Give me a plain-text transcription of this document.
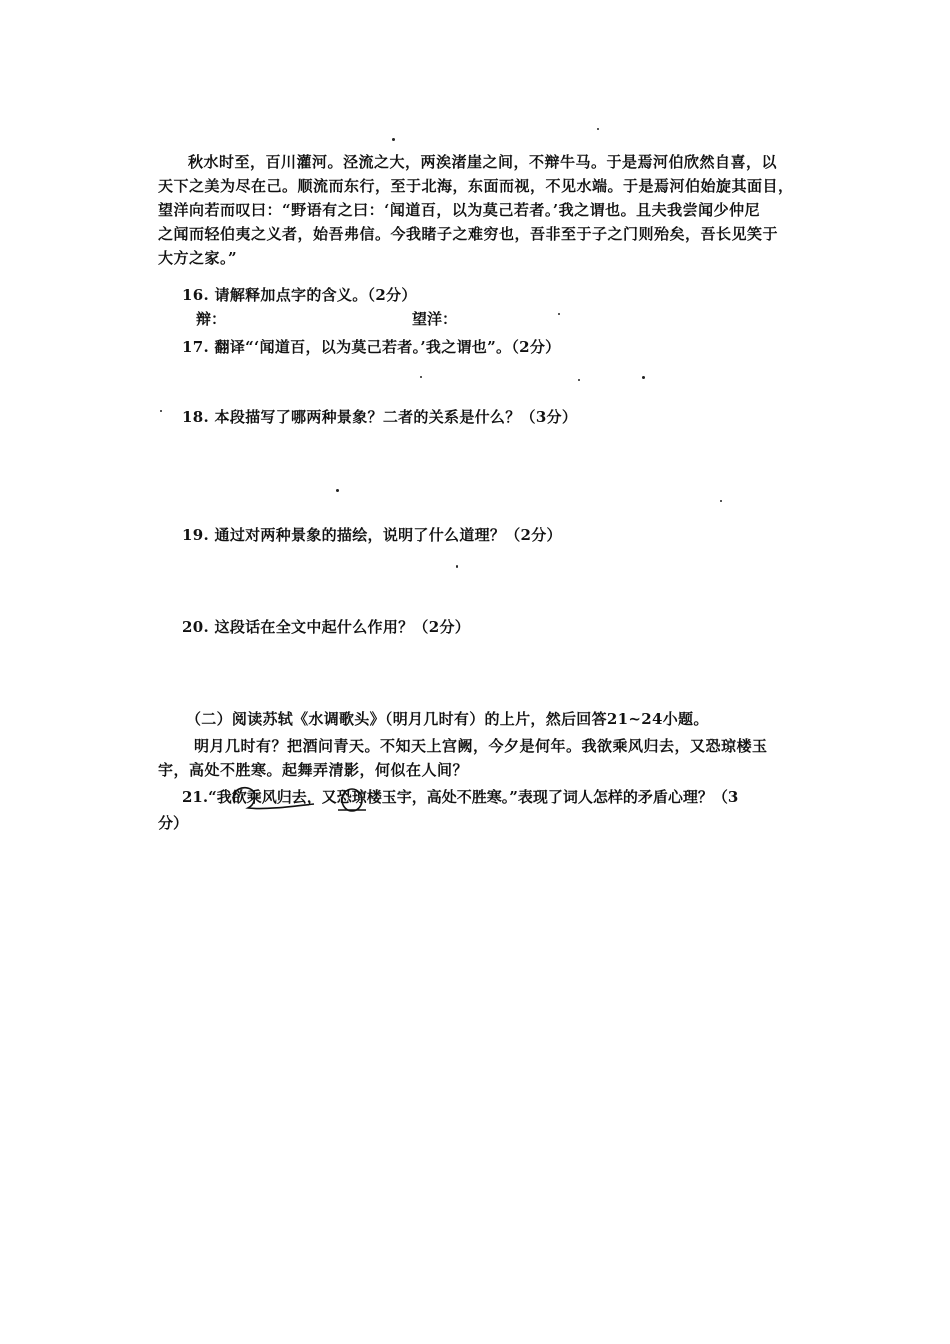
秋水时至，百川灌河。泾流之大，两涘渚崖之间，不辩牛马。于是焉河伯欣然自喜，以
天下之美为尽在己。顺流而东行，至于北海，东面而视，不见水端。于是焉河伯始旋其面目，
望洋向若而叹曰：“野语有之曰：‘闻道百，以为莫己若者。’我之谓也。且夫我尝闻少仲尼
之闻而轻伯夷之义者，始吾弗信。今我睹子之难穷也，吾非至于子之门则殆矣，吾长见笑于
大方之家。”
16. 请解释加点字的含义。（2分）
辩：	望洋：
17. 翻译“‘闻道百，以为莫己若者。’我之谓也”。（2分）
18. 本段描写了哪两种景象？二者的关系是什么？（3分）
19. 通过对两种景象的描绘，说明了什么道理？（2分）
20. 这段话在全文中起什么作用？（2分）
（二）阅读苏轼《水调歌头》（明月几时有）的上片，然后回答21~24小题。
明月几时有？把酒问青天。不知天上宫阙，今夕是何年。我欲乘风归去，又恐琼楼玉
宇，高处不胜寒。起舞弄清影，何似在人间？
21.“我欲乘风归去，又恐琼楼玉宇，高处不胜寒。”表现了词人怎样的矛盾心理？（3
分）
